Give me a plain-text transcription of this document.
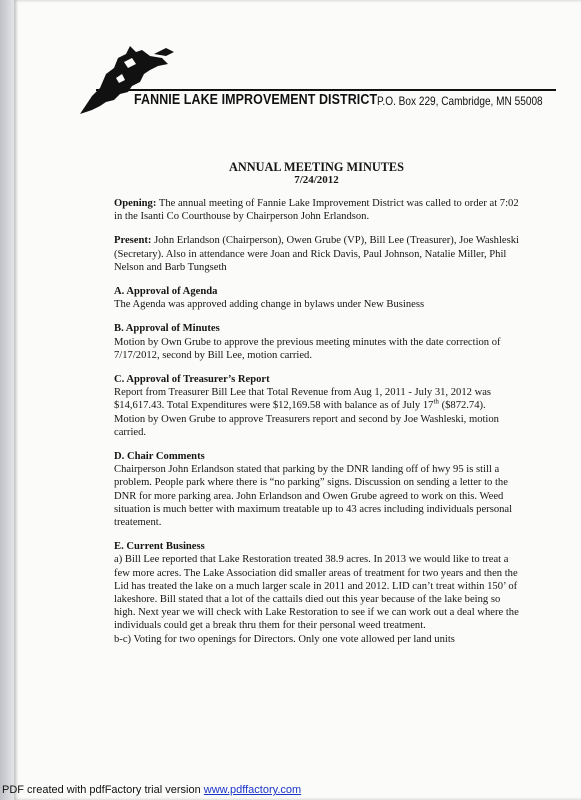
FANNIE LAKE IMPROVEMENT DISTRICT P.O. Box 229, Cambridge, MN 55008
ANNUAL MEETING MINUTES
7/24/2012

Opening: The annual meeting of Fannie Lake Improvement District was called to order at 7:02 in the Isanti Co Courthouse by Chairperson John Erlandson.

Present: John Erlandson (Chairperson), Owen Grube (VP), Bill Lee (Treasurer), Joe Washleski (Secretary). Also in attendance were Joan and Rick Davis, Paul Johnson, Natalie Miller, Phil Nelson and Barb Tungseth

A. Approval of Agenda
The Agenda was approved adding change in bylaws under New Business

B. Approval of Minutes
Motion by Own Grube to approve the previous meeting minutes with the date correction of 7/17/2012, second by Bill Lee, motion carried.

C. Approval of Treasurer’s Report
Report from Treasurer Bill Lee that Total Revenue from Aug 1, 2011 - July 31, 2012 was $14,617.43. Total Expenditures were $12,169.58 with balance as of July 17th ($872.74). Motion by Owen Grube to approve Treasurers report and second by Joe Washleski, motion carried.

D. Chair Comments
Chairperson John Erlandson stated that parking by the DNR landing off of hwy 95 is still a problem. People park where there is “no parking” signs. Discussion on sending a letter to the DNR for more parking area. John Erlandson and Owen Grube agreed to work on this. Weed situation is much better with maximum treatable up to 43 acres including individuals personal treatement.

E. Current Business
a) Bill Lee reported that Lake Restoration treated 38.9 acres. In 2013 we would like to treat a few more acres. The Lake Association did smaller areas of treatment for two years and then the Lid has treated the lake on a much larger scale in 2011 and 2012. LID can’t treat within 150’ of lakeshore. Bill stated that a lot of the cattails died out this year because of the lake being so high. Next year we will check with Lake Restoration to see if we can work out a deal where the individuals could get a break thru them for their personal weed treatment.
b-c) Voting for two openings for Directors. Only one vote allowed per land units

PDF created with pdfFactory trial version www.pdffactory.com
